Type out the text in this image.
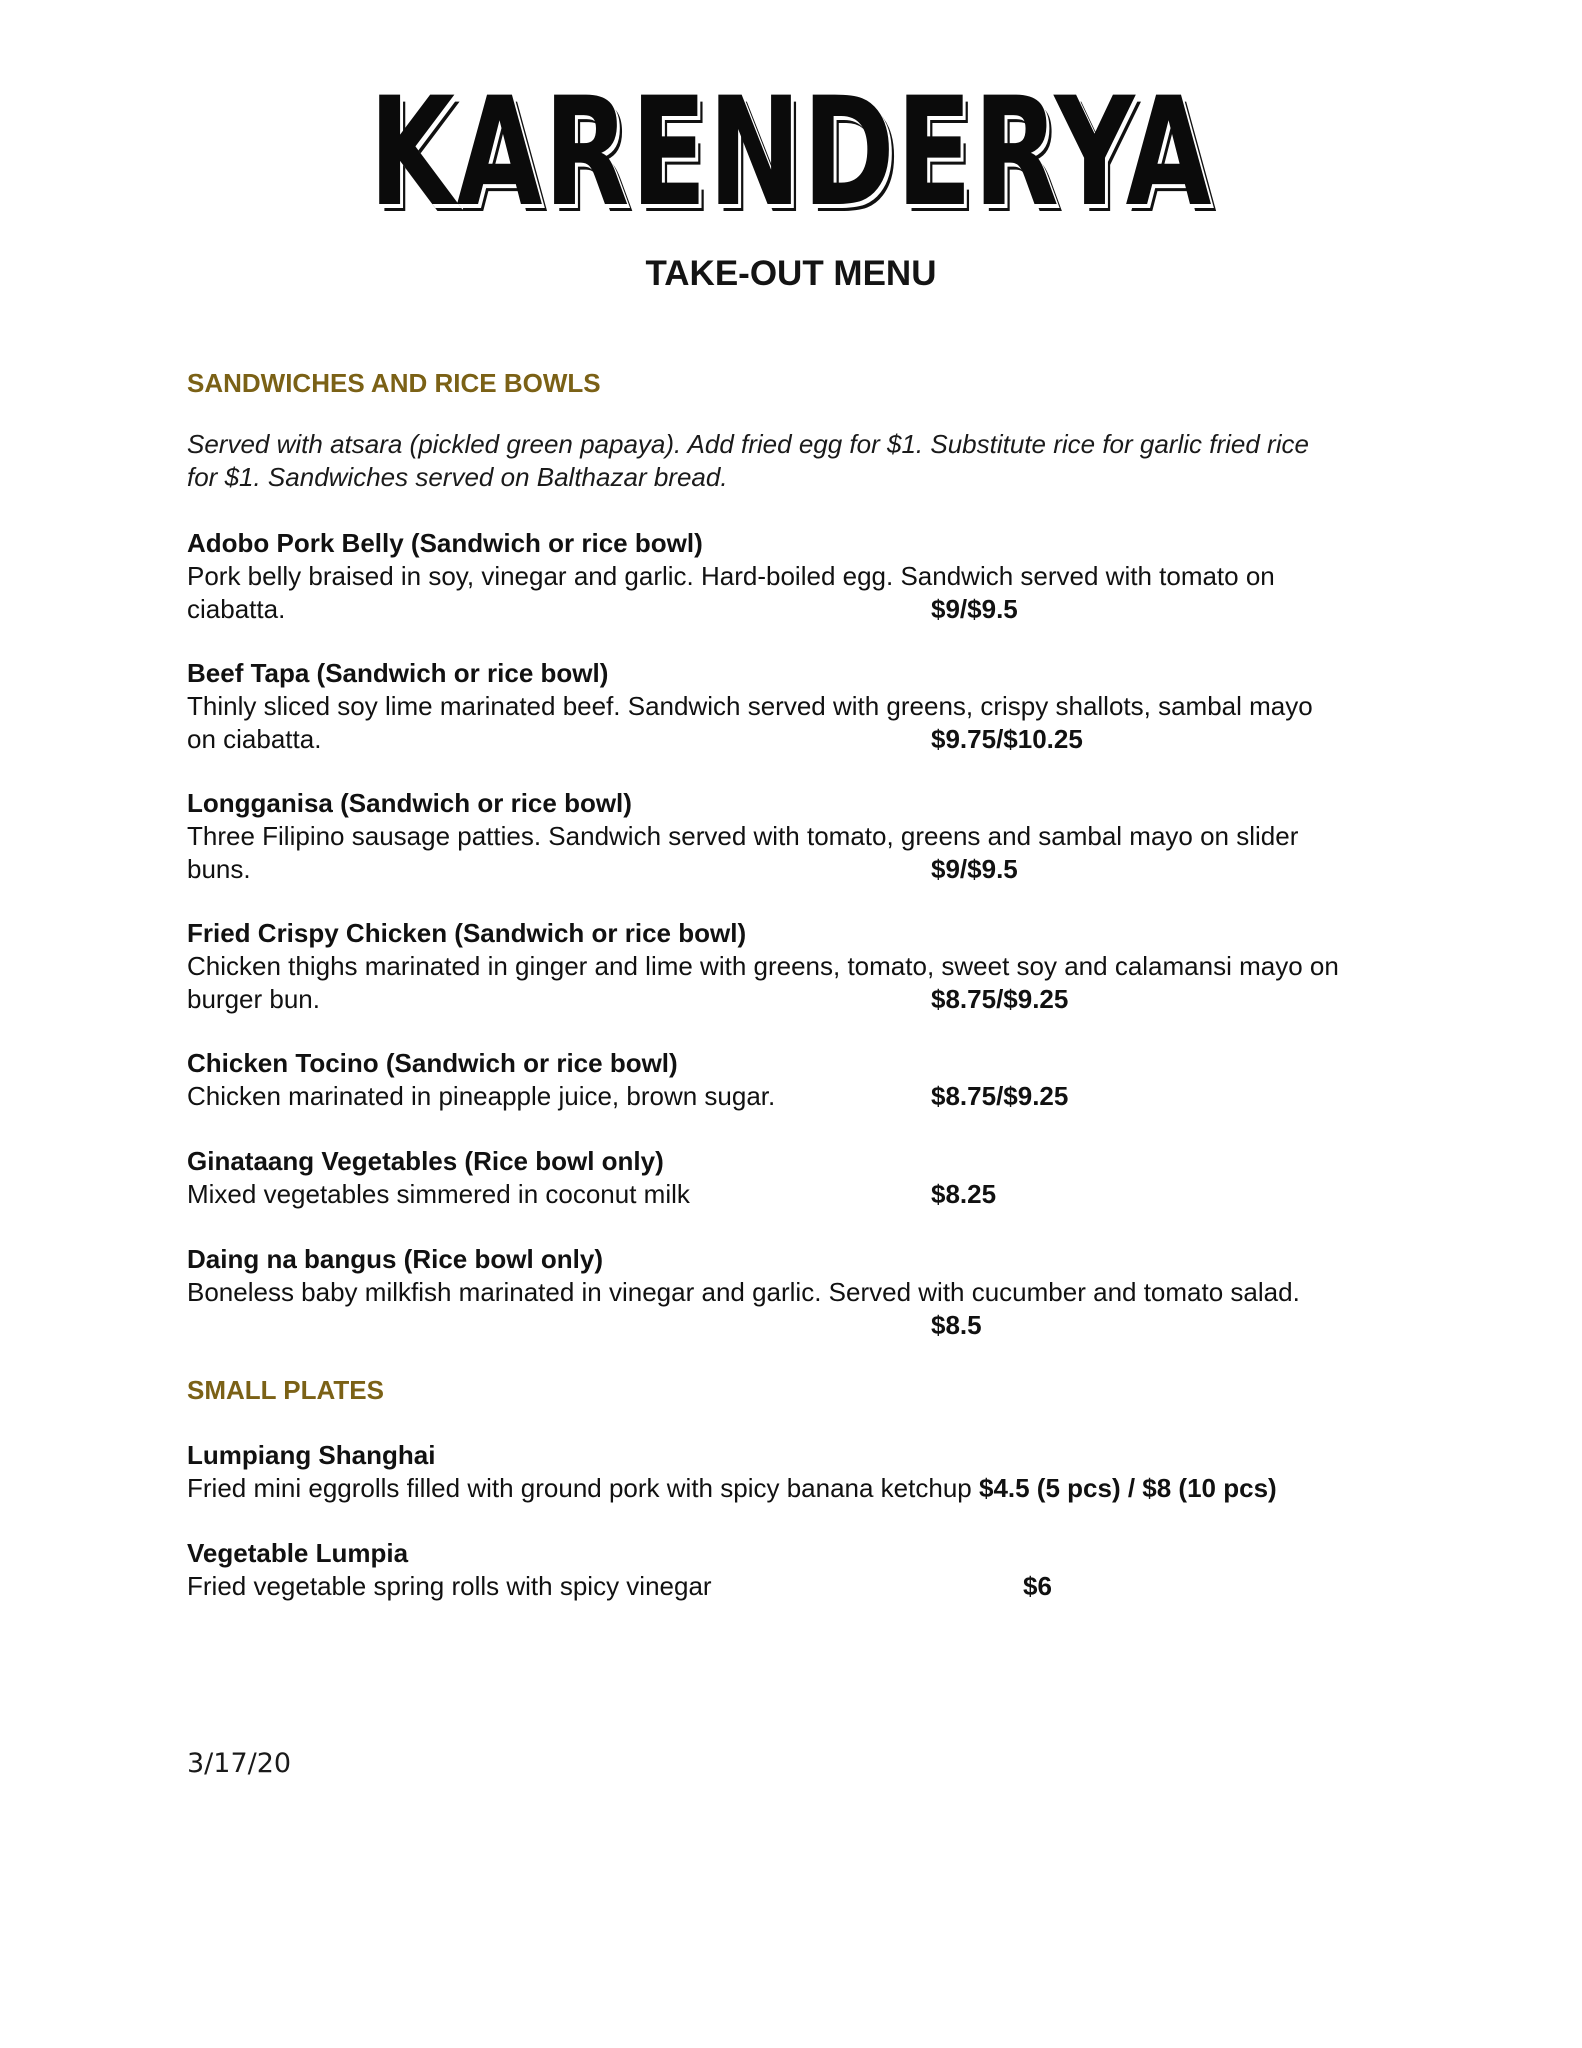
KARENDERYA
TAKE-OUT MENU
SANDWICHES AND RICE BOWLS
Served with atsara (pickled green papaya). Add fried egg for $1. Substitute rice for garlic fried rice
for $1. Sandwiches served on Balthazar bread.
Adobo Pork Belly (Sandwich or rice bowl)
Pork belly braised in soy, vinegar and garlic. Hard-boiled egg. Sandwich served with tomato on
ciabatta.	$9/$9.5
Beef Tapa (Sandwich or rice bowl)
Thinly sliced soy lime marinated beef. Sandwich served with greens, crispy shallots, sambal mayo
on ciabatta.	$9.75/$10.25
Longganisa (Sandwich or rice bowl)
Three Filipino sausage patties. Sandwich served with tomato, greens and sambal mayo on slider
buns.	$9/$9.5
Fried Crispy Chicken (Sandwich or rice bowl)
Chicken thighs marinated in ginger and lime with greens, tomato, sweet soy and calamansi mayo on
burger bun.	$8.75/$9.25
Chicken Tocino (Sandwich or rice bowl)
Chicken marinated in pineapple juice, brown sugar.	$8.75/$9.25
Ginataang Vegetables (Rice bowl only)
Mixed vegetables simmered in coconut milk	$8.25
Daing na bangus (Rice bowl only)
Boneless baby milkfish marinated in vinegar and garlic. Served with cucumber and tomato salad.
$8.5
SMALL PLATES
Lumpiang Shanghai
Fried mini eggrolls filled with ground pork with spicy banana ketchup $4.5 (5 pcs) / $8 (10 pcs)
Vegetable Lumpia
Fried vegetable spring rolls with spicy vinegar	$6
3/17/20
